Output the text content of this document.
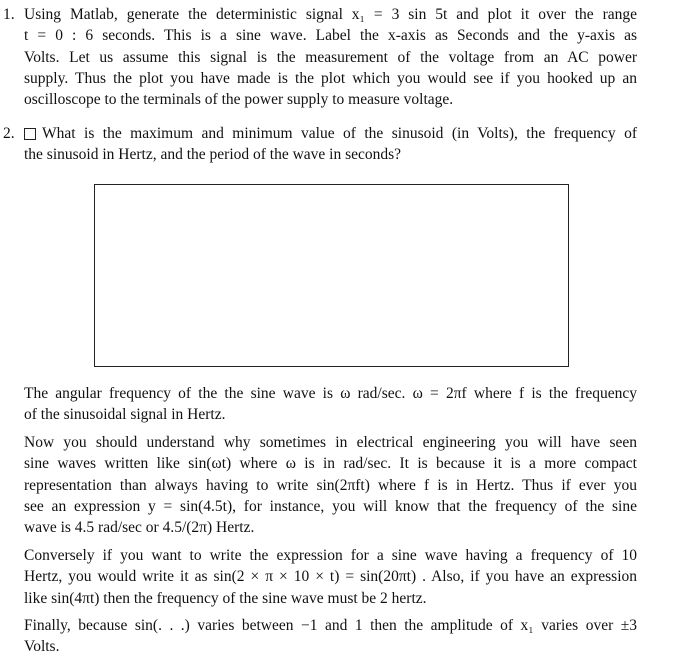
1. Using Matlab, generate the deterministic signal x₁ = 3 sin 5t and plot it over the range
t = 0 : 6 seconds. This is a sine wave. Label the x-axis as Seconds and the y-axis as
Volts. Let us assume this signal is the measurement of the voltage from an AC power
supply. Thus the plot you have made is the plot which you would see if you hooked up an
oscilloscope to the terminals of the power supply to measure voltage.
2. What is the maximum and minimum value of the sinusoid (in Volts), the frequency of
the sinusoid in Hertz, and the period of the wave in seconds?
The angular frequency of the the sine wave is ω rad/sec. ω = 2πf where f is the frequency
of the sinusoidal signal in Hertz.
Now you should understand why sometimes in electrical engineering you will have seen
sine waves written like sin(ωt) where ω is in rad/sec. It is because it is a more compact
representation than always having to write sin(2πft) where f is in Hertz. Thus if ever you
see an expression y = sin(4.5t), for instance, you will know that the frequency of the sine
wave is 4.5 rad/sec or 4.5/(2π) Hertz.
Conversely if you want to write the expression for a sine wave having a frequency of 10
Hertz, you would write it as sin(2 × π × 10 × t) = sin(20πt) . Also, if you have an expression
like sin(4πt) then the frequency of the sine wave must be 2 hertz.
Finally, because sin(. . .) varies between −1 and 1 then the amplitude of x₁ varies over ±3
Volts.
